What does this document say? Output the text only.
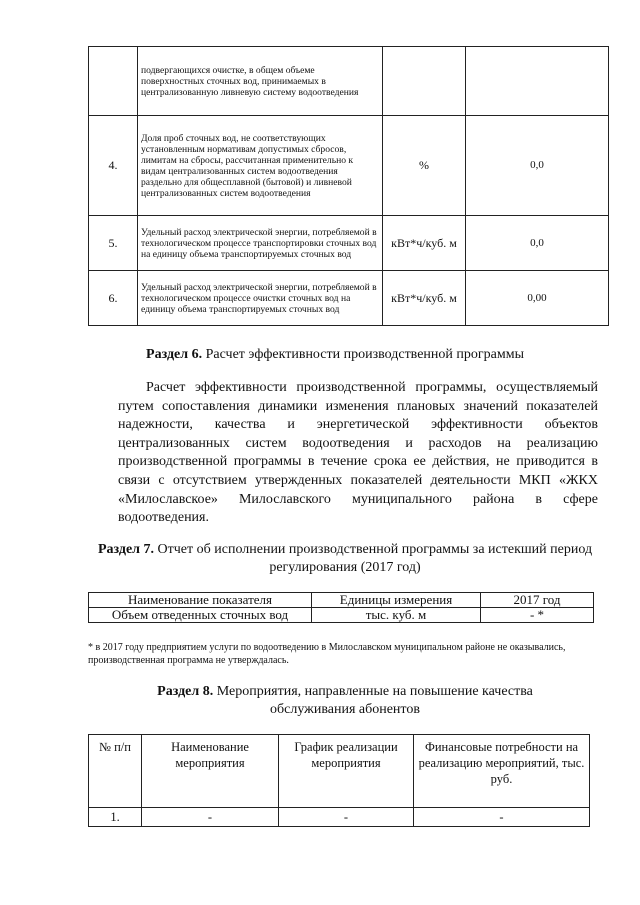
	подвергающихся очистке, в общем объеме поверхностных сточных вод, принимаемых в централизованную ливневую систему водоотведения		
4.	Доля проб сточных вод, не соответствующих установленным нормативам допустимых сбросов, лимитам на сбросы, рассчитанная применительно к видам централизованных систем водоотведения раздельно для общесплавной (бытовой) и ливневой централизованных систем водоотведения	%	0,0
5.	Удельный расход электрической энергии, потребляемой в технологическом процессе транспортировки сточных вод на единицу объема транспортируемых сточных вод	кВт*ч/куб. м	0,0
6.	Удельный расход электрической энергии, потребляемой в технологическом процессе очистки сточных вод на единицу объема транспортируемых сточных вод	кВт*ч/куб. м	0,00
Раздел 6. Расчет эффективности производственной программы
Расчет эффективности производственной программы, осуществляемый путем сопоставления динамики изменения плановых значений показателей надежности, качества и энергетической эффективности объектов централизованных систем водоотведения и расходов на реализацию производственной программы в течение срока ее действия, не приводится в связи с отсутствием утвержденных показателей деятельности МКП «ЖКХ «Милославское» Милославского муниципального района в сфере водоотведения.
Раздел 7. Отчет об исполнении производственной программы за истекший период регулирования (2017 год)
Наименование показателя	Единицы измерения	2017 год
Объем отведенных сточных вод	тыс. куб. м	- *
* в 2017 году предприятием услуги по водоотведению в Милославском муниципальном районе не оказывались, производственная программа не утверждалась.
Раздел 8. Мероприятия, направленные на повышение качества обслуживания абонентов
№ п/п	Наименование мероприятия	График реализации мероприятия	Финансовые потребности на реализацию мероприятий, тыс. руб.
1.	-	-	-
